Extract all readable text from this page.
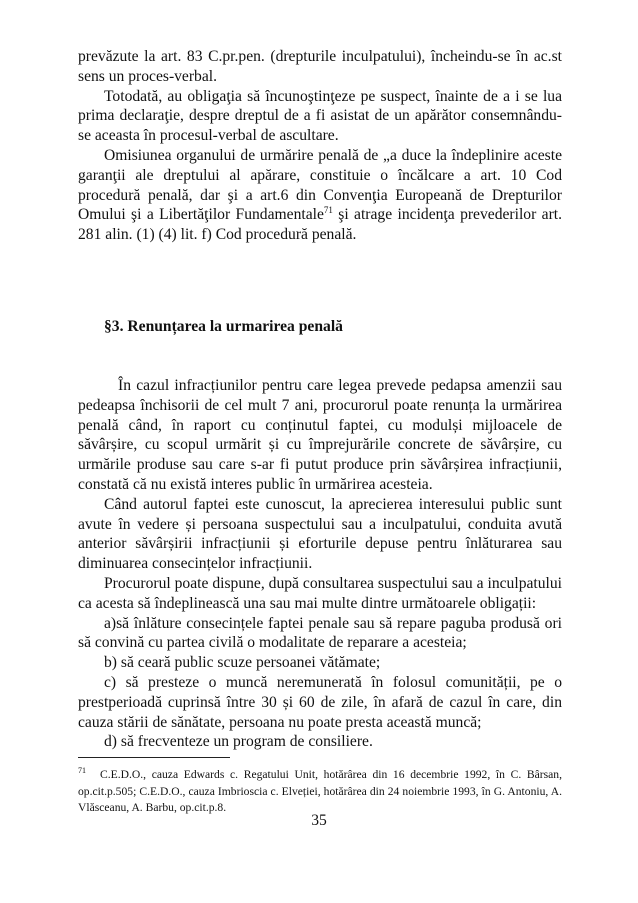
prevăzute la art. 83 C.pr.pen. (drepturile inculpatului), încheindu-se în ac.st sens un proces-verbal.

Totodată, au obligaţia să încunoştinţeze pe suspect, înainte de a i se lua prima declaraţie, despre dreptul de a fi asistat de un apărător consemnându-se aceasta în procesul-verbal de ascultare.

Omisiunea organului de urmărire penală de „a duce la îndeplinire aceste garanţii ale dreptului al apărare, constituie o încălcare a art. 10 Cod procedură penală, dar şi a art.6 din Convenţia Europeană de Drepturilor Omului şi a Libertăţilor Fundamentale$^{71}$ şi atrage incidenţa prevederilor art. 281 alin. (1) (4) lit. f) Cod procedură penală.

§3. Renunțarea la urmarirea penală

În cazul infracțiunilor pentru care legea prevede pedapsa amenzii sau pedeapsa închisorii de cel mult 7 ani, procurorul poate renunța la urmărirea penală când, în raport cu conținutul faptei, cu modulși mijloacele de săvârșire, cu scopul urmărit și cu împrejurările concrete de săvârșire, cu urmările produse sau care s-ar fi putut produce prin săvârșirea infracțiunii, constată că nu există interes public în urmărirea acesteia.

Când autorul faptei este cunoscut, la aprecierea interesului public sunt avute în vedere și persoana suspectului sau a inculpatului, conduita avută anterior săvârșirii infracțiunii și eforturile depuse pentru înlăturarea sau diminuarea consecințelor infracțiunii.

Procurorul poate dispune, după consultarea suspectului sau a inculpatului ca acesta să îndeplinească una sau mai multe dintre următoarele obligații:

a)să înlăture consecințele faptei penale sau să repare paguba produsă ori să convină cu partea civilă o modalitate de reparare a acesteia;

b) să ceară public scuze persoanei vătămate;

c) să presteze o muncă neremunerată în folosul comunității, pe o prestperioadă cuprinsă între 30 și 60 de zile, în afară de cazul în care, din cauza stării de sănătate, persoana nu poate presta această muncă;

d) să frecventeze un program de consiliere.

$^{71}$ C.E.D.O., cauza Edwards c. Regatului Unit, hotărârea din 16 decembrie 1992, în C. Bârsan, op.cit.p.505; C.E.D.O., cauza Imbrioscia c. Elveției, hotărârea din 24 noiembrie 1993, în G. Antoniu, A. Vlăsceanu, A. Barbu, op.cit.p.8.

35
